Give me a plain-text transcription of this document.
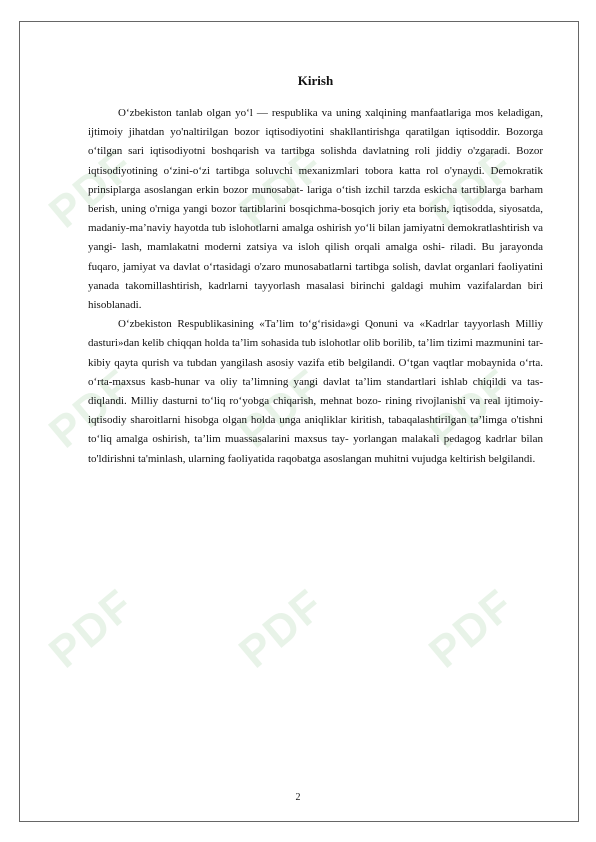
PDF PDF PDF
PDF PDF PDF
PDF PDF PDF
Kirish

O‘zbekiston tanlab olgan yo‘l — respublika va uning xalqining manfaatlariga mos keladigan, ijtimoiy jihatdan yo'naltirilgan bozor iqtisodiyotini shakllantirishga qaratilgan iqtisoddir. Bozorga o‘tilgan sari iqtisodiyotni boshqarish va tartibga solishda davlatning roli jiddiy o'zgaradi. Bozor iqtisodiyotining o‘zini-o‘zi tartibga soluvchi mexanizmlari tobora katta rol o'ynaydi. Demokratik prinsiplarga asoslangan erkin bozor munosabat- lariga o‘tish izchil tarzda eskicha tartiblarga barham berish, uning o'rniga yangi bozor tartiblarini bosqichma-bosqich joriy eta borish, iqtisodda, siyosatda, madaniy-ma’naviy hayotda tub islohotlarni amalga oshirish yo‘li bilan jamiyatni demokratlashtirish va yangi- lash, mamlakatni moderni zatsiya va isloh qilish orqali amalga oshi- riladi. Bu jarayonda fuqaro, jamiyat va davlat o‘rtasidagi o'zaro munosabatlarni tartibga solish, davlat organlari faoliyatini yanada takomillashtirish, kadrlarni tayyorlash masalasi birinchi galdagi muhim vazifalardan biri hisoblanadi.

O‘zbekiston Respublikasining «Ta’lim to‘g‘risida»gi Qonuni va «Kadrlar tayyorlash Milliy dasturi»dan kelib chiqqan holda ta’lim sohasida tub islohotlar olib borilib, ta’lim tizimi mazmunini tar- kibiy qayta qurish va tubdan yangilash asosiy vazifa etib belgilandi. O‘tgan vaqtlar mobaynida o‘rta. o‘rta-maxsus kasb-hunar va oliy ta’limning yangi davlat ta’lim standartlari ishlab chiqildi va tas- diqlandi. Milliy dasturni to‘liq ro‘yobga chiqarish, mehnat bozo- rining rivojlanishi va real ijtimoiy-iqtisodiy sharoitlarni hisobga olgan holda unga aniqliklar kiritish, tabaqalashtirilgan ta’limga o'tishni to‘liq amalga oshirish, ta’lim muassasalarini maxsus tay- yorlangan malakali pedagog kadrlar bilan to'ldirishni ta'minlash, ularning faoliyatida raqobatga asoslangan muhitni vujudga keltirish belgilandi.

2
